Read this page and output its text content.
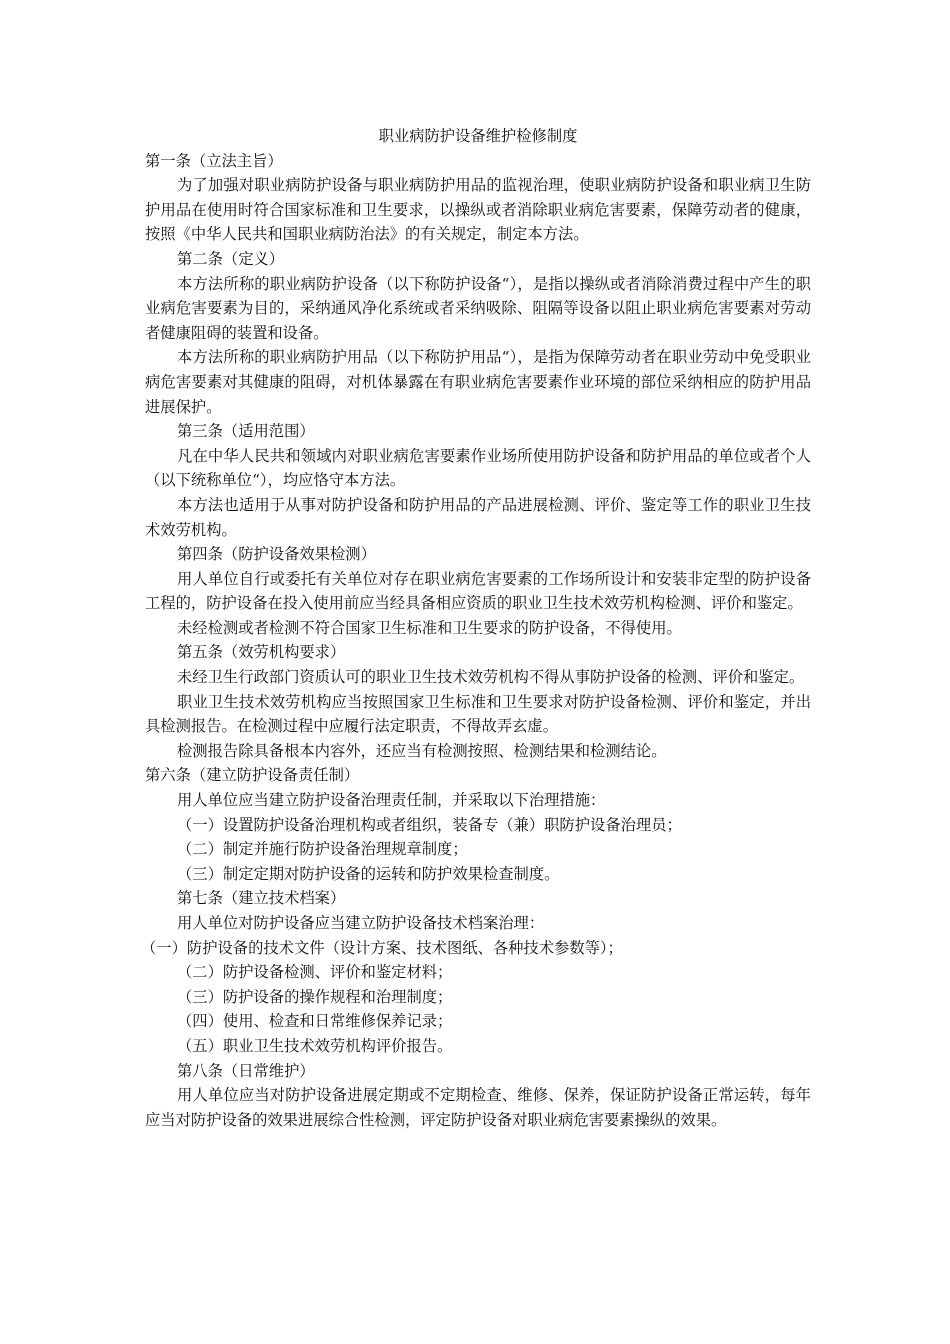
职业病防护设备维护检修制度

第一条（立法主旨）

为了加强对职业病防护设备与职业病防护用品的监视治理，使职业病防护设备和职业病卫生防护用品在使用时符合国家标准和卫生要求，以操纵或者消除职业病危害要素，保障劳动者的健康，按照《中华人民共和国职业病防治法》的有关规定，制定本方法。

第二条（定义）

本方法所称的职业病防护设备（以下称防护设备“），是指以操纵或者消除消费过程中产生的职业病危害要素为目的，采纳通风净化系统或者采纳吸除、阻隔等设备以阻止职业病危害要素对劳动者健康阻碍的装置和设备。

本方法所称的职业病防护用品（以下称防护用品“），是指为保障劳动者在职业劳动中免受职业病危害要素对其健康的阻碍，对机体暴露在有职业病危害要素作业环境的部位采纳相应的防护用品进展保护。

第三条（适用范围）

凡在中华人民共和领域内对职业病危害要素作业场所使用防护设备和防护用品的单位或者个人（以下统称单位“），均应恪守本方法。

本方法也适用于从事对防护设备和防护用品的产品进展检测、评价、鉴定等工作的职业卫生技术效劳机构。

第四条（防护设备效果检测）

用人单位自行或委托有关单位对存在职业病危害要素的工作场所设计和安装非定型的防护设备工程的，防护设备在投入使用前应当经具备相应资质的职业卫生技术效劳机构检测、评价和鉴定。

未经检测或者检测不符合国家卫生标准和卫生要求的防护设备，不得使用。

第五条（效劳机构要求）

未经卫生行政部门资质认可的职业卫生技术效劳机构不得从事防护设备的检测、评价和鉴定。

职业卫生技术效劳机构应当按照国家卫生标准和卫生要求对防护设备检测、评价和鉴定，并出具检测报告。在检测过程中应履行法定职责，不得故弄玄虚。

检测报告除具备根本内容外，还应当有检测按照、检测结果和检测结论。

第六条（建立防护设备责任制）

用人单位应当建立防护设备治理责任制，并采取以下治理措施：

（一）设置防护设备治理机构或者组织，装备专（兼）职防护设备治理员；

（二）制定并施行防护设备治理规章制度；

（三）制定定期对防护设备的运转和防护效果检查制度。

第七条（建立技术档案）

用人单位对防护设备应当建立防护设备技术档案治理：

（一）防护设备的技术文件（设计方案、技术图纸、各种技术参数等）；

（二）防护设备检测、评价和鉴定材料；

（三）防护设备的操作规程和治理制度；

（四）使用、检查和日常维修保养记录；

（五）职业卫生技术效劳机构评价报告。

第八条（日常维护）

用人单位应当对防护设备进展定期或不定期检查、维修、保养，保证防护设备正常运转，每年应当对防护设备的效果进展综合性检测，评定防护设备对职业病危害要素操纵的效果。
